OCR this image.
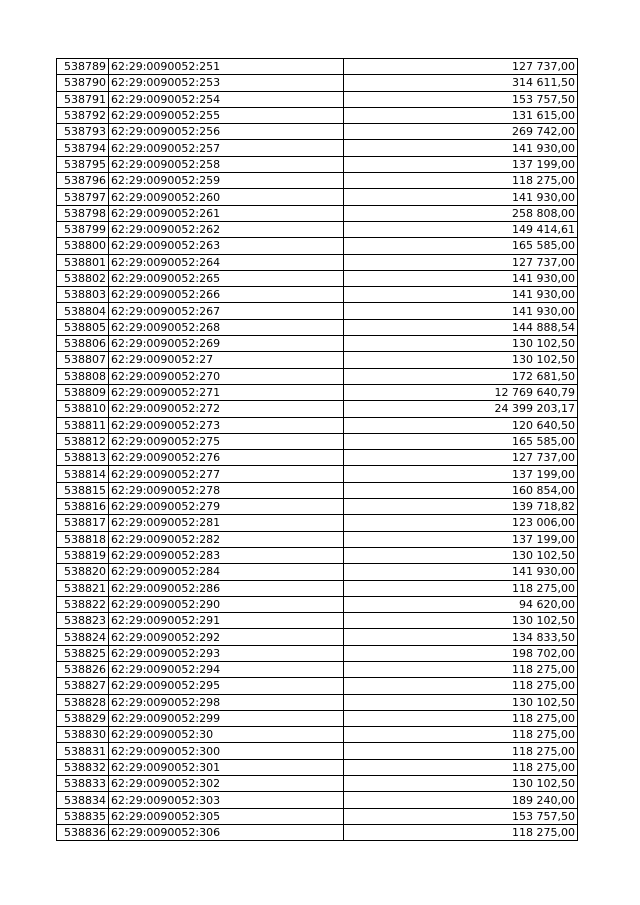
538789	62:29:0090052:251	127 737,00
538790	62:29:0090052:253	314 611,50
538791	62:29:0090052:254	153 757,50
538792	62:29:0090052:255	131 615,00
538793	62:29:0090052:256	269 742,00
538794	62:29:0090052:257	141 930,00
538795	62:29:0090052:258	137 199,00
538796	62:29:0090052:259	118 275,00
538797	62:29:0090052:260	141 930,00
538798	62:29:0090052:261	258 808,00
538799	62:29:0090052:262	149 414,61
538800	62:29:0090052:263	165 585,00
538801	62:29:0090052:264	127 737,00
538802	62:29:0090052:265	141 930,00
538803	62:29:0090052:266	141 930,00
538804	62:29:0090052:267	141 930,00
538805	62:29:0090052:268	144 888,54
538806	62:29:0090052:269	130 102,50
538807	62:29:0090052:27	130 102,50
538808	62:29:0090052:270	172 681,50
538809	62:29:0090052:271	12 769 640,79
538810	62:29:0090052:272	24 399 203,17
538811	62:29:0090052:273	120 640,50
538812	62:29:0090052:275	165 585,00
538813	62:29:0090052:276	127 737,00
538814	62:29:0090052:277	137 199,00
538815	62:29:0090052:278	160 854,00
538816	62:29:0090052:279	139 718,82
538817	62:29:0090052:281	123 006,00
538818	62:29:0090052:282	137 199,00
538819	62:29:0090052:283	130 102,50
538820	62:29:0090052:284	141 930,00
538821	62:29:0090052:286	118 275,00
538822	62:29:0090052:290	94 620,00
538823	62:29:0090052:291	130 102,50
538824	62:29:0090052:292	134 833,50
538825	62:29:0090052:293	198 702,00
538826	62:29:0090052:294	118 275,00
538827	62:29:0090052:295	118 275,00
538828	62:29:0090052:298	130 102,50
538829	62:29:0090052:299	118 275,00
538830	62:29:0090052:30	118 275,00
538831	62:29:0090052:300	118 275,00
538832	62:29:0090052:301	118 275,00
538833	62:29:0090052:302	130 102,50
538834	62:29:0090052:303	189 240,00
538835	62:29:0090052:305	153 757,50
538836	62:29:0090052:306	118 275,00
